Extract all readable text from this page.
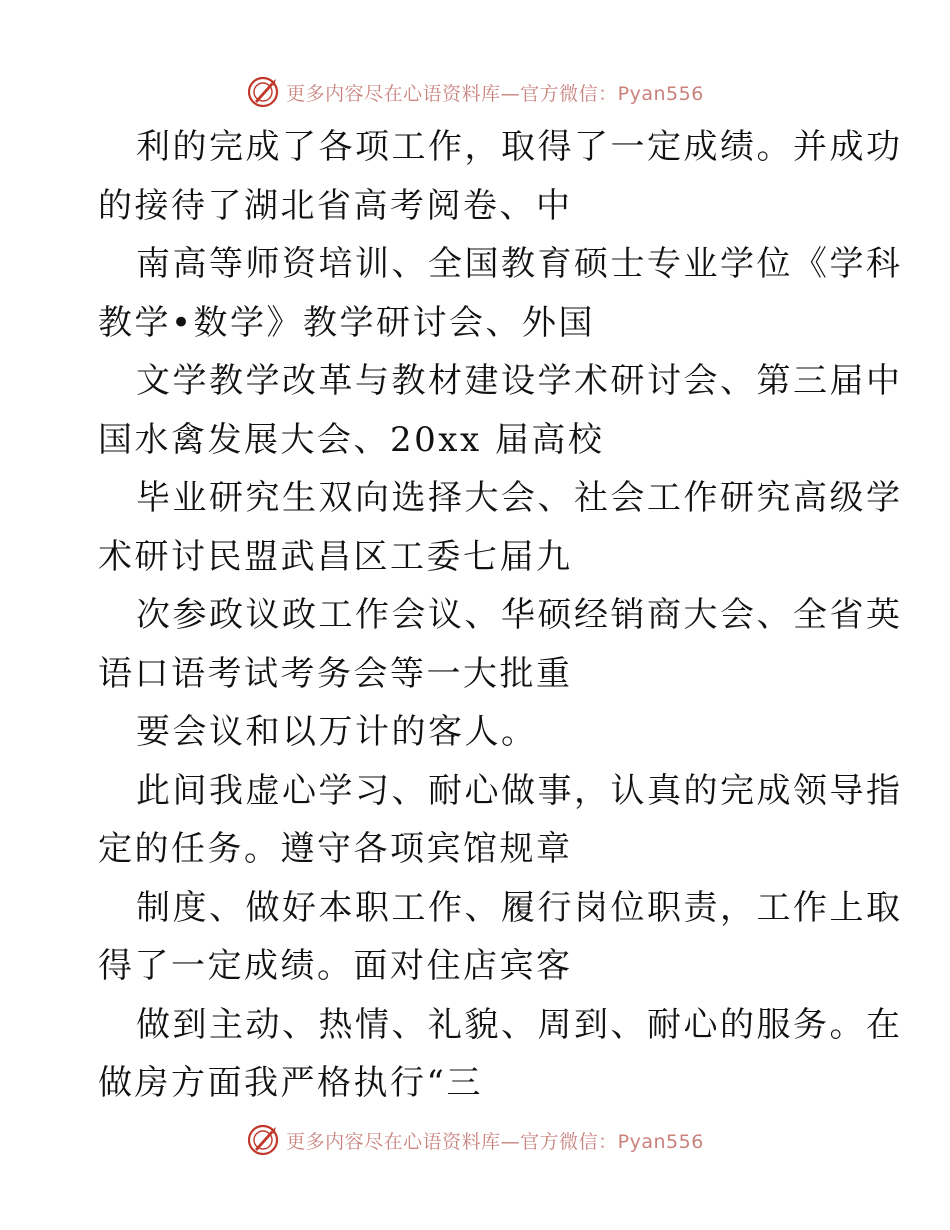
更多内容尽在心语资料库—官方微信：Pyan556
利的完成了各项工作，取得了一定成绩。并成功
的接待了湖北省高考阅卷、中
南高等师资培训、全国教育硕士专业学位《学科
教学•数学》教学研讨会、外国
文学教学改革与教材建设学术研讨会、第三届中
国水禽发展大会、20xx 届高校
毕业研究生双向选择大会、社会工作研究高级学
术研讨民盟武昌区工委七届九
次参政议政工作会议、华硕经销商大会、全省英
语口语考试考务会等一大批重
要会议和以万计的客人。
此间我虚心学习、耐心做事，认真的完成领导指
定的任务。遵守各项宾馆规章
制度、做好本职工作、履行岗位职责，工作上取
得了一定成绩。面对住店宾客
做到主动、热情、礼貌、周到、耐心的服务。在
做房方面我严格执行“三
更多内容尽在心语资料库—官方微信：Pyan556
